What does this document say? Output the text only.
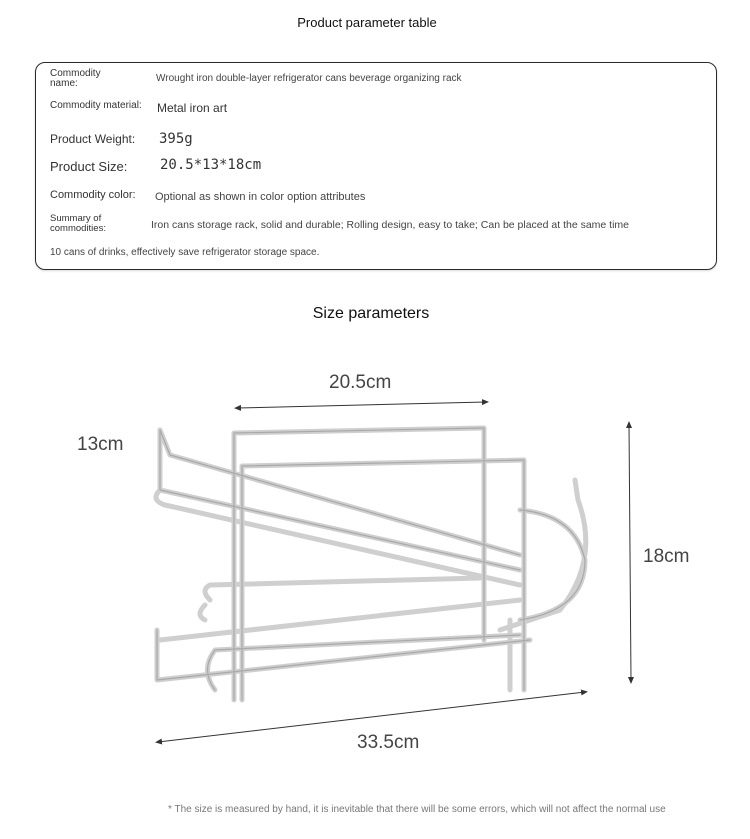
Product parameter table
Commodity name:	Wrought iron double-layer refrigerator cans beverage organizing rack
Commodity material: Metal iron art
Product Weight: 395g
Product Size: 20.5*13*18cm
Commodity color: Optional as shown in color option attributes
Summary of commodities:	Iron cans storage rack, solid and durable; Rolling design, easy to take; Can be placed at the same time
10 cans of drinks, effectively save refrigerator storage space.
Size parameters
20.5cm
13cm
18cm
33.5cm
* The size is measured by hand, it is inevitable that there will be some errors, which will not affect the normal use
